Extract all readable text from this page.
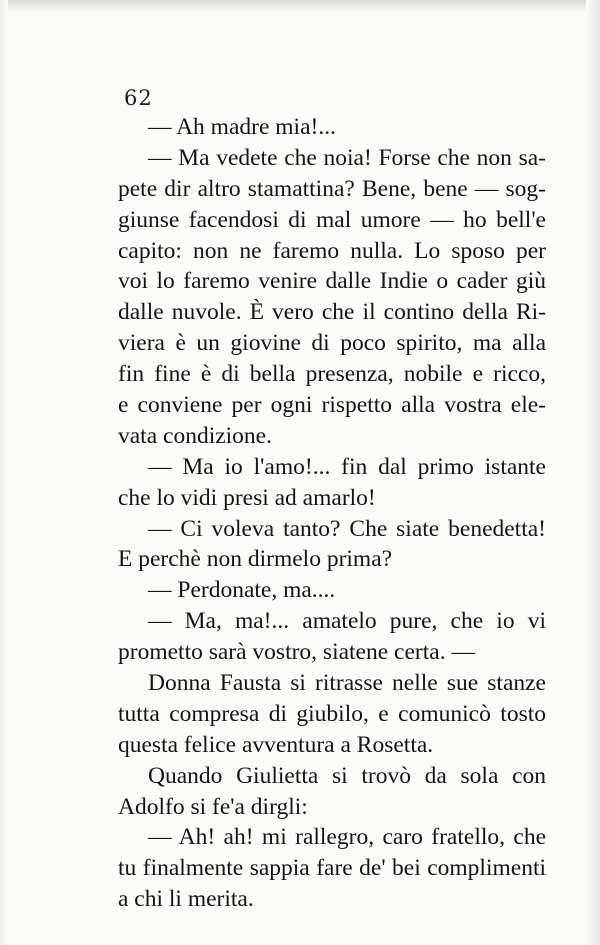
62
— Ah madre mia!...
— Ma vedete che noia! Forse che non sa-
pete dir altro stamattina? Bene, bene — sog-
giunse facendosi di mal umore — ho bell'e
capito: non ne faremo nulla. Lo sposo per
voi lo faremo venire dalle Indie o cader giù
dalle nuvole. È vero che il contino della Ri-
viera è un giovine di poco spirito, ma alla
fin fine è di bella presenza, nobile e ricco,
e conviene per ogni rispetto alla vostra ele-
vata condizione.
— Ma io l'amo!... fin dal primo istante
che lo vidi presi ad amarlo!
— Ci voleva tanto? Che siate benedetta!
E perchè non dirmelo prima?
— Perdonate, ma....
— Ma, ma!... amatelo pure, che io vi
prometto sarà vostro, siatene certa. —
Donna Fausta si ritrasse nelle sue stanze
tutta compresa di giubilo, e comunicò tosto
questa felice avventura a Rosetta.
Quando Giulietta si trovò da sola con
Adolfo si fe'a dirgli:
— Ah! ah! mi rallegro, caro fratello, che
tu finalmente sappia fare de' bei complimenti
a chi li merita.
